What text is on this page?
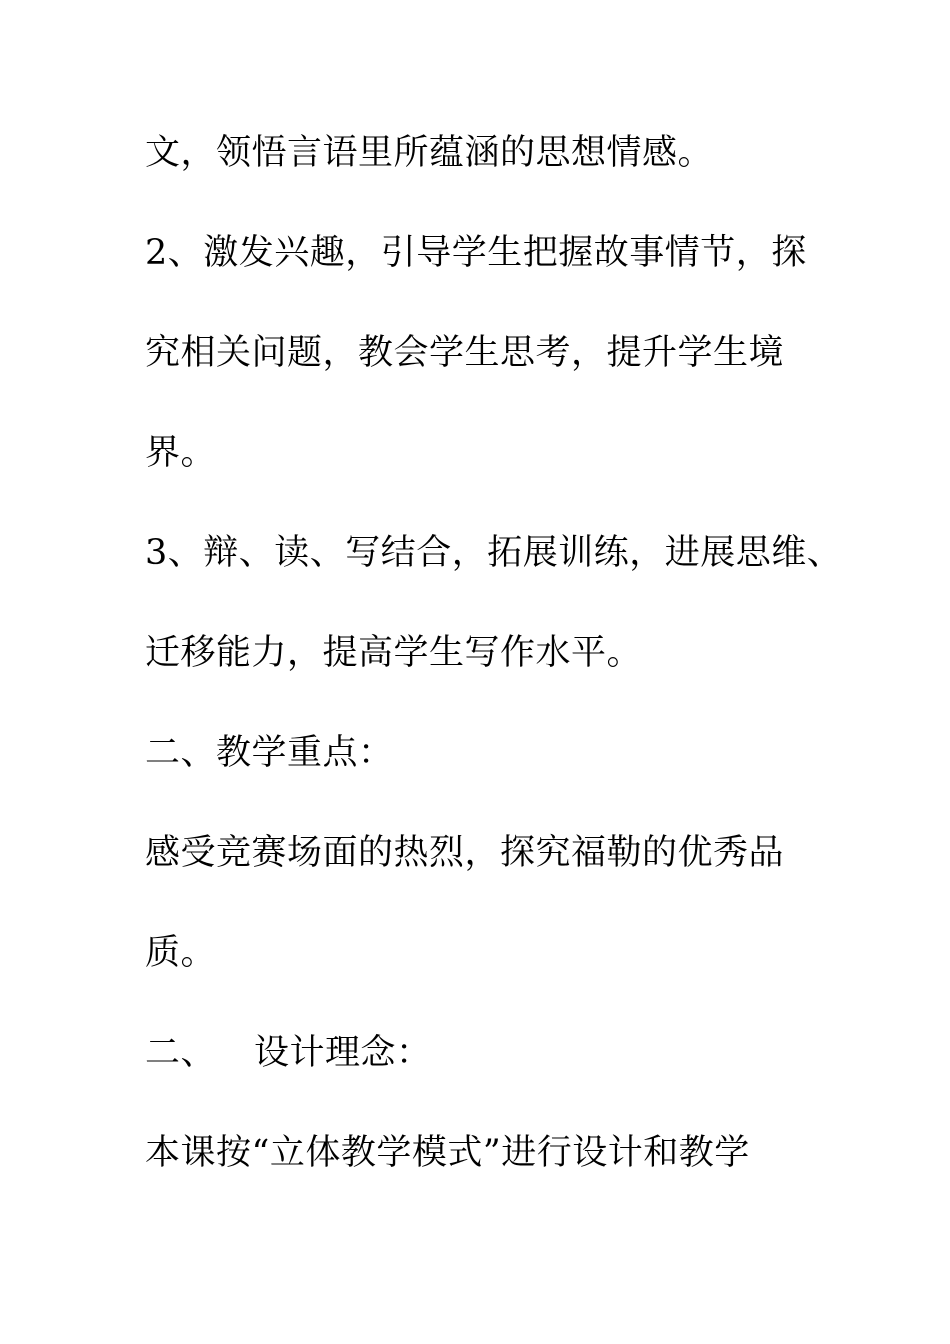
文，领悟言语里所蕴涵的思想情感。
2、激发兴趣，引导学生把握故事情节，探
究相关问题，教会学生思考，提升学生境
界。
3、辩、读、写结合，拓展训练，进展思维、
迁移能力，提高学生写作水平。
二、教学重点：
感受竞赛场面的热烈，探究福勒的优秀品
质。
二、 设计理念：
本课按“立体教学模式”进行设计和教学
